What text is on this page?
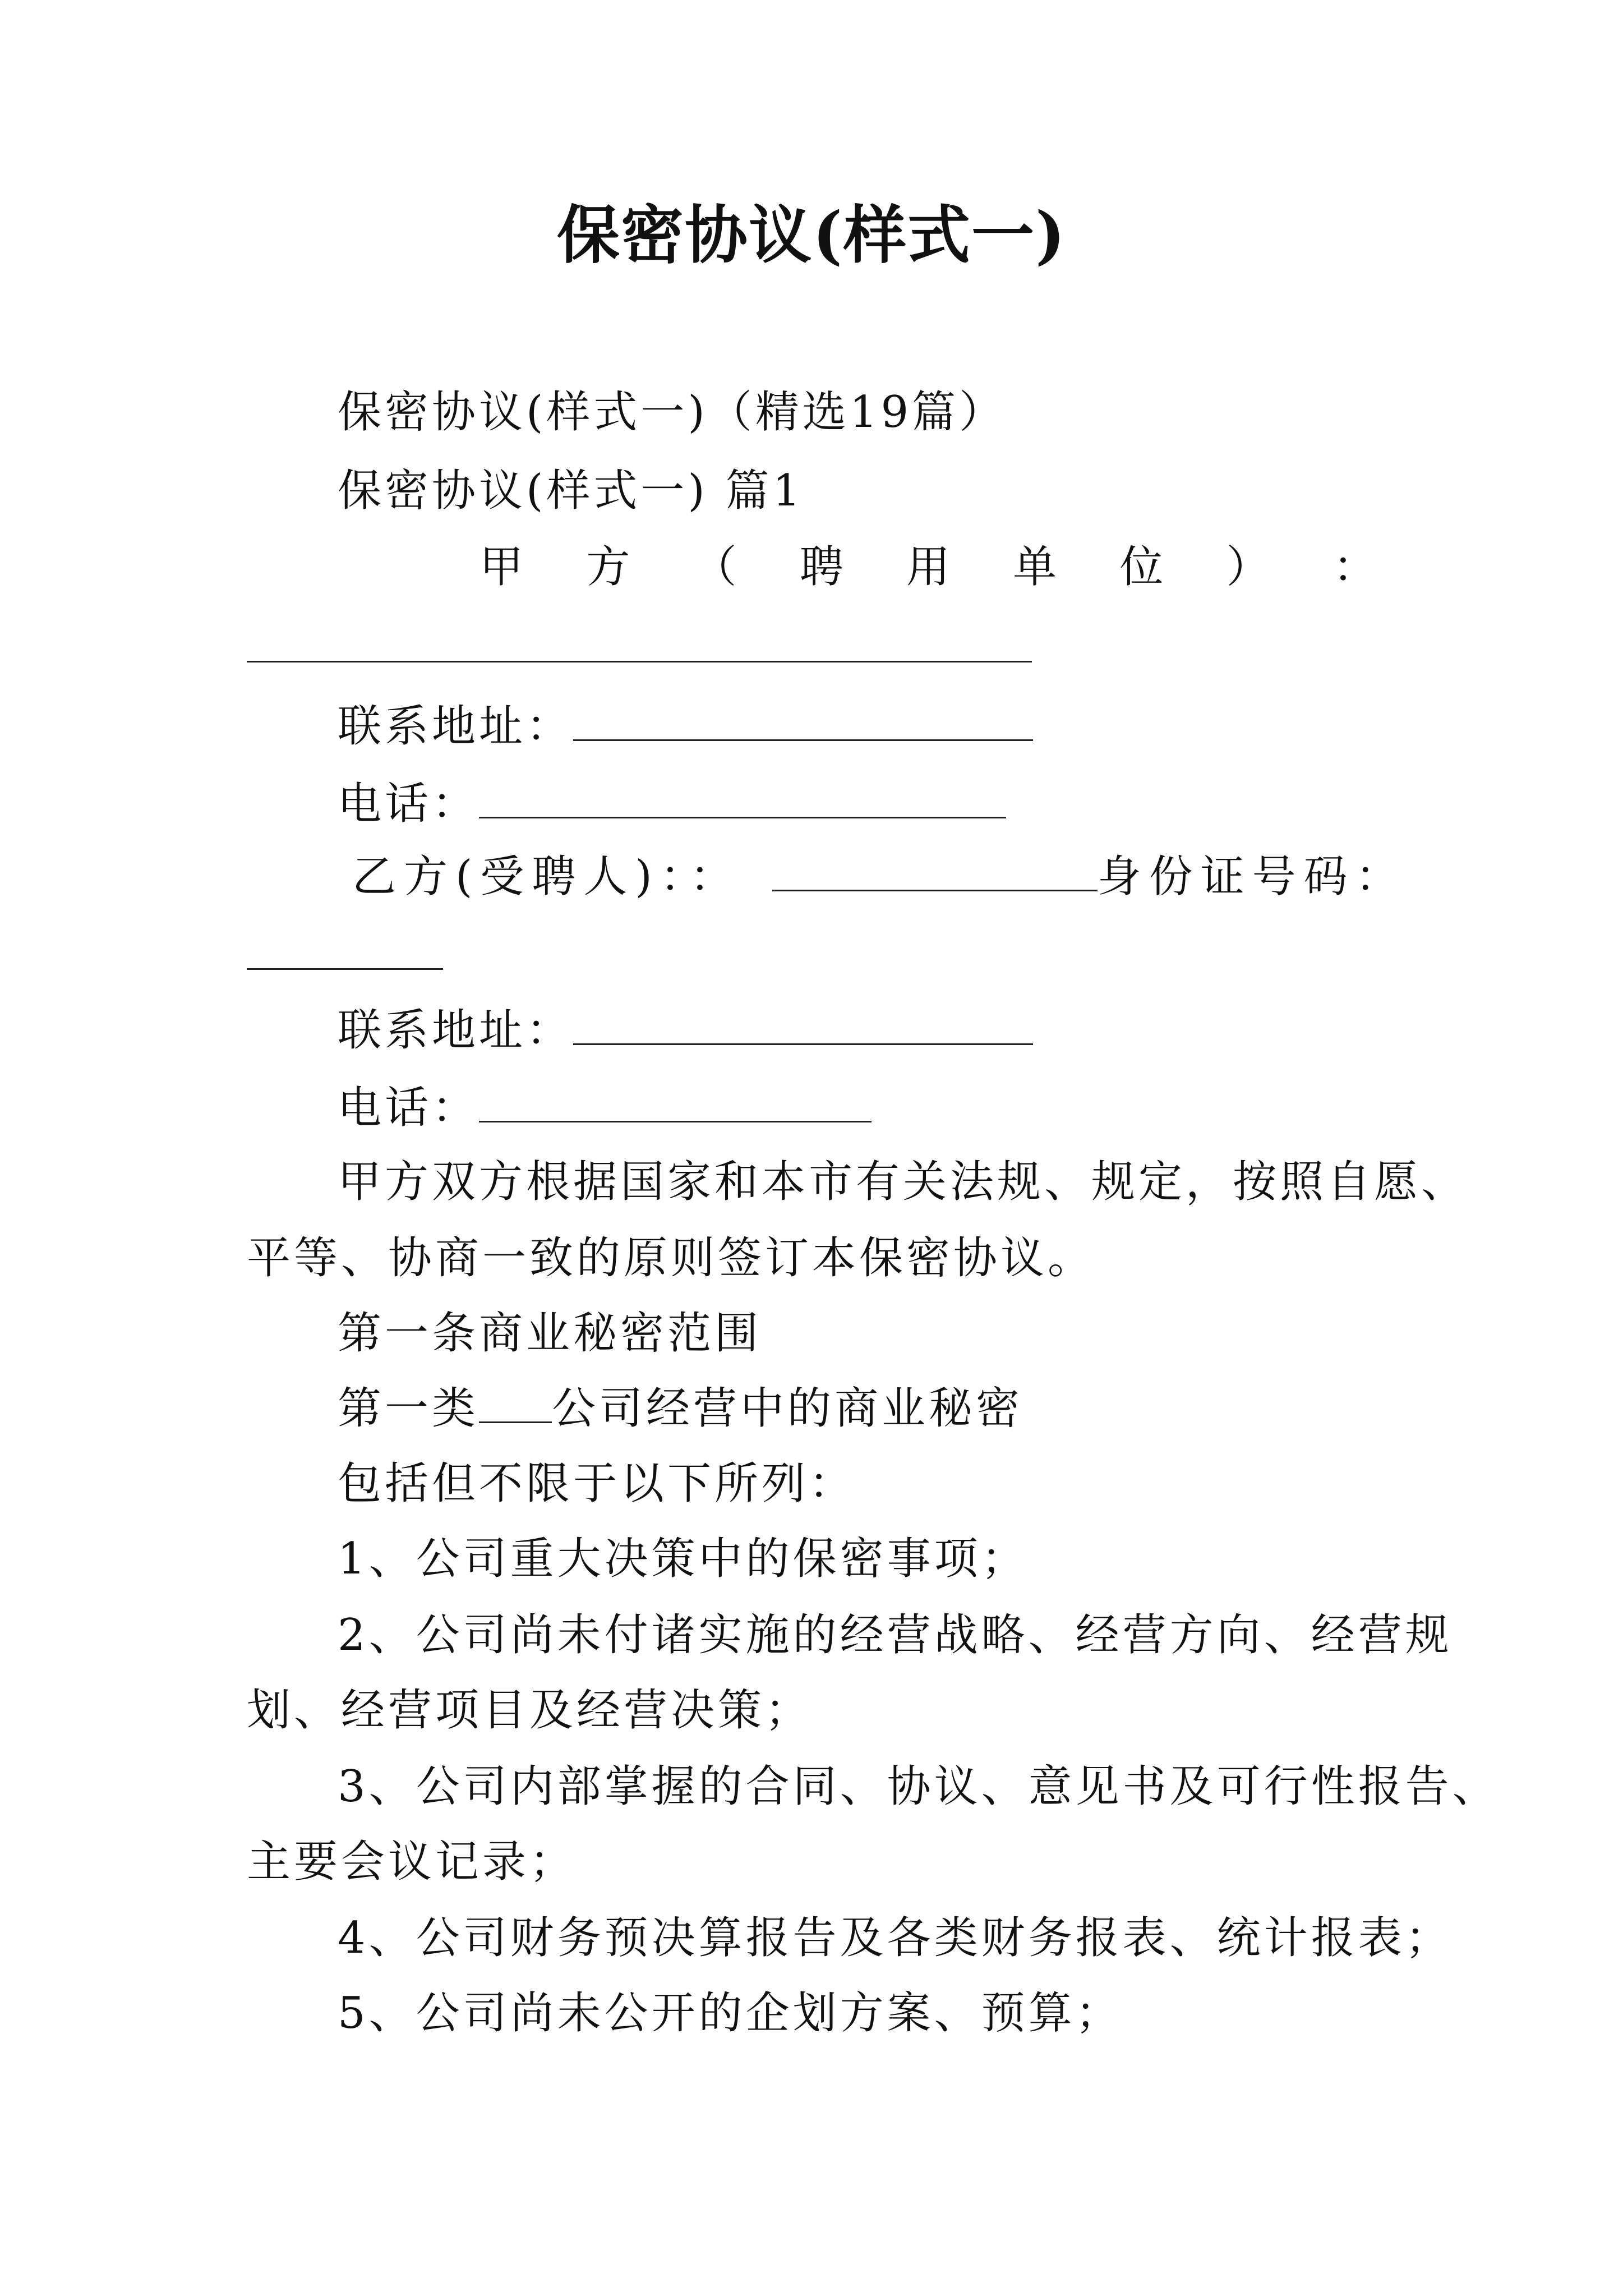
保密协议(样式一)
保密协议(样式一)（精选19篇）
保密协议(样式一) 篇1
甲 方 （ 聘 用 单 位 ） ：
联系地址：
电话：
乙方(受聘人)：：	身份证号码：
联系地址：
电话：
甲方双方根据国家和本市有关法规、规定，按照自愿、
平等、协商一致的原则签订本保密协议。
第一条商业秘密范围
第一类 公司经营中的商业秘密
包括但不限于以下所列：
1、公司重大决策中的保密事项；
2、公司尚未付诸实施的经营战略、经营方向、经营规
划、经营项目及经营决策；
3、公司内部掌握的合同、协议、意见书及可行性报告、
主要会议记录；
4、公司财务预决算报告及各类财务报表、统计报表；
5、公司尚未公开的企划方案、预算；
